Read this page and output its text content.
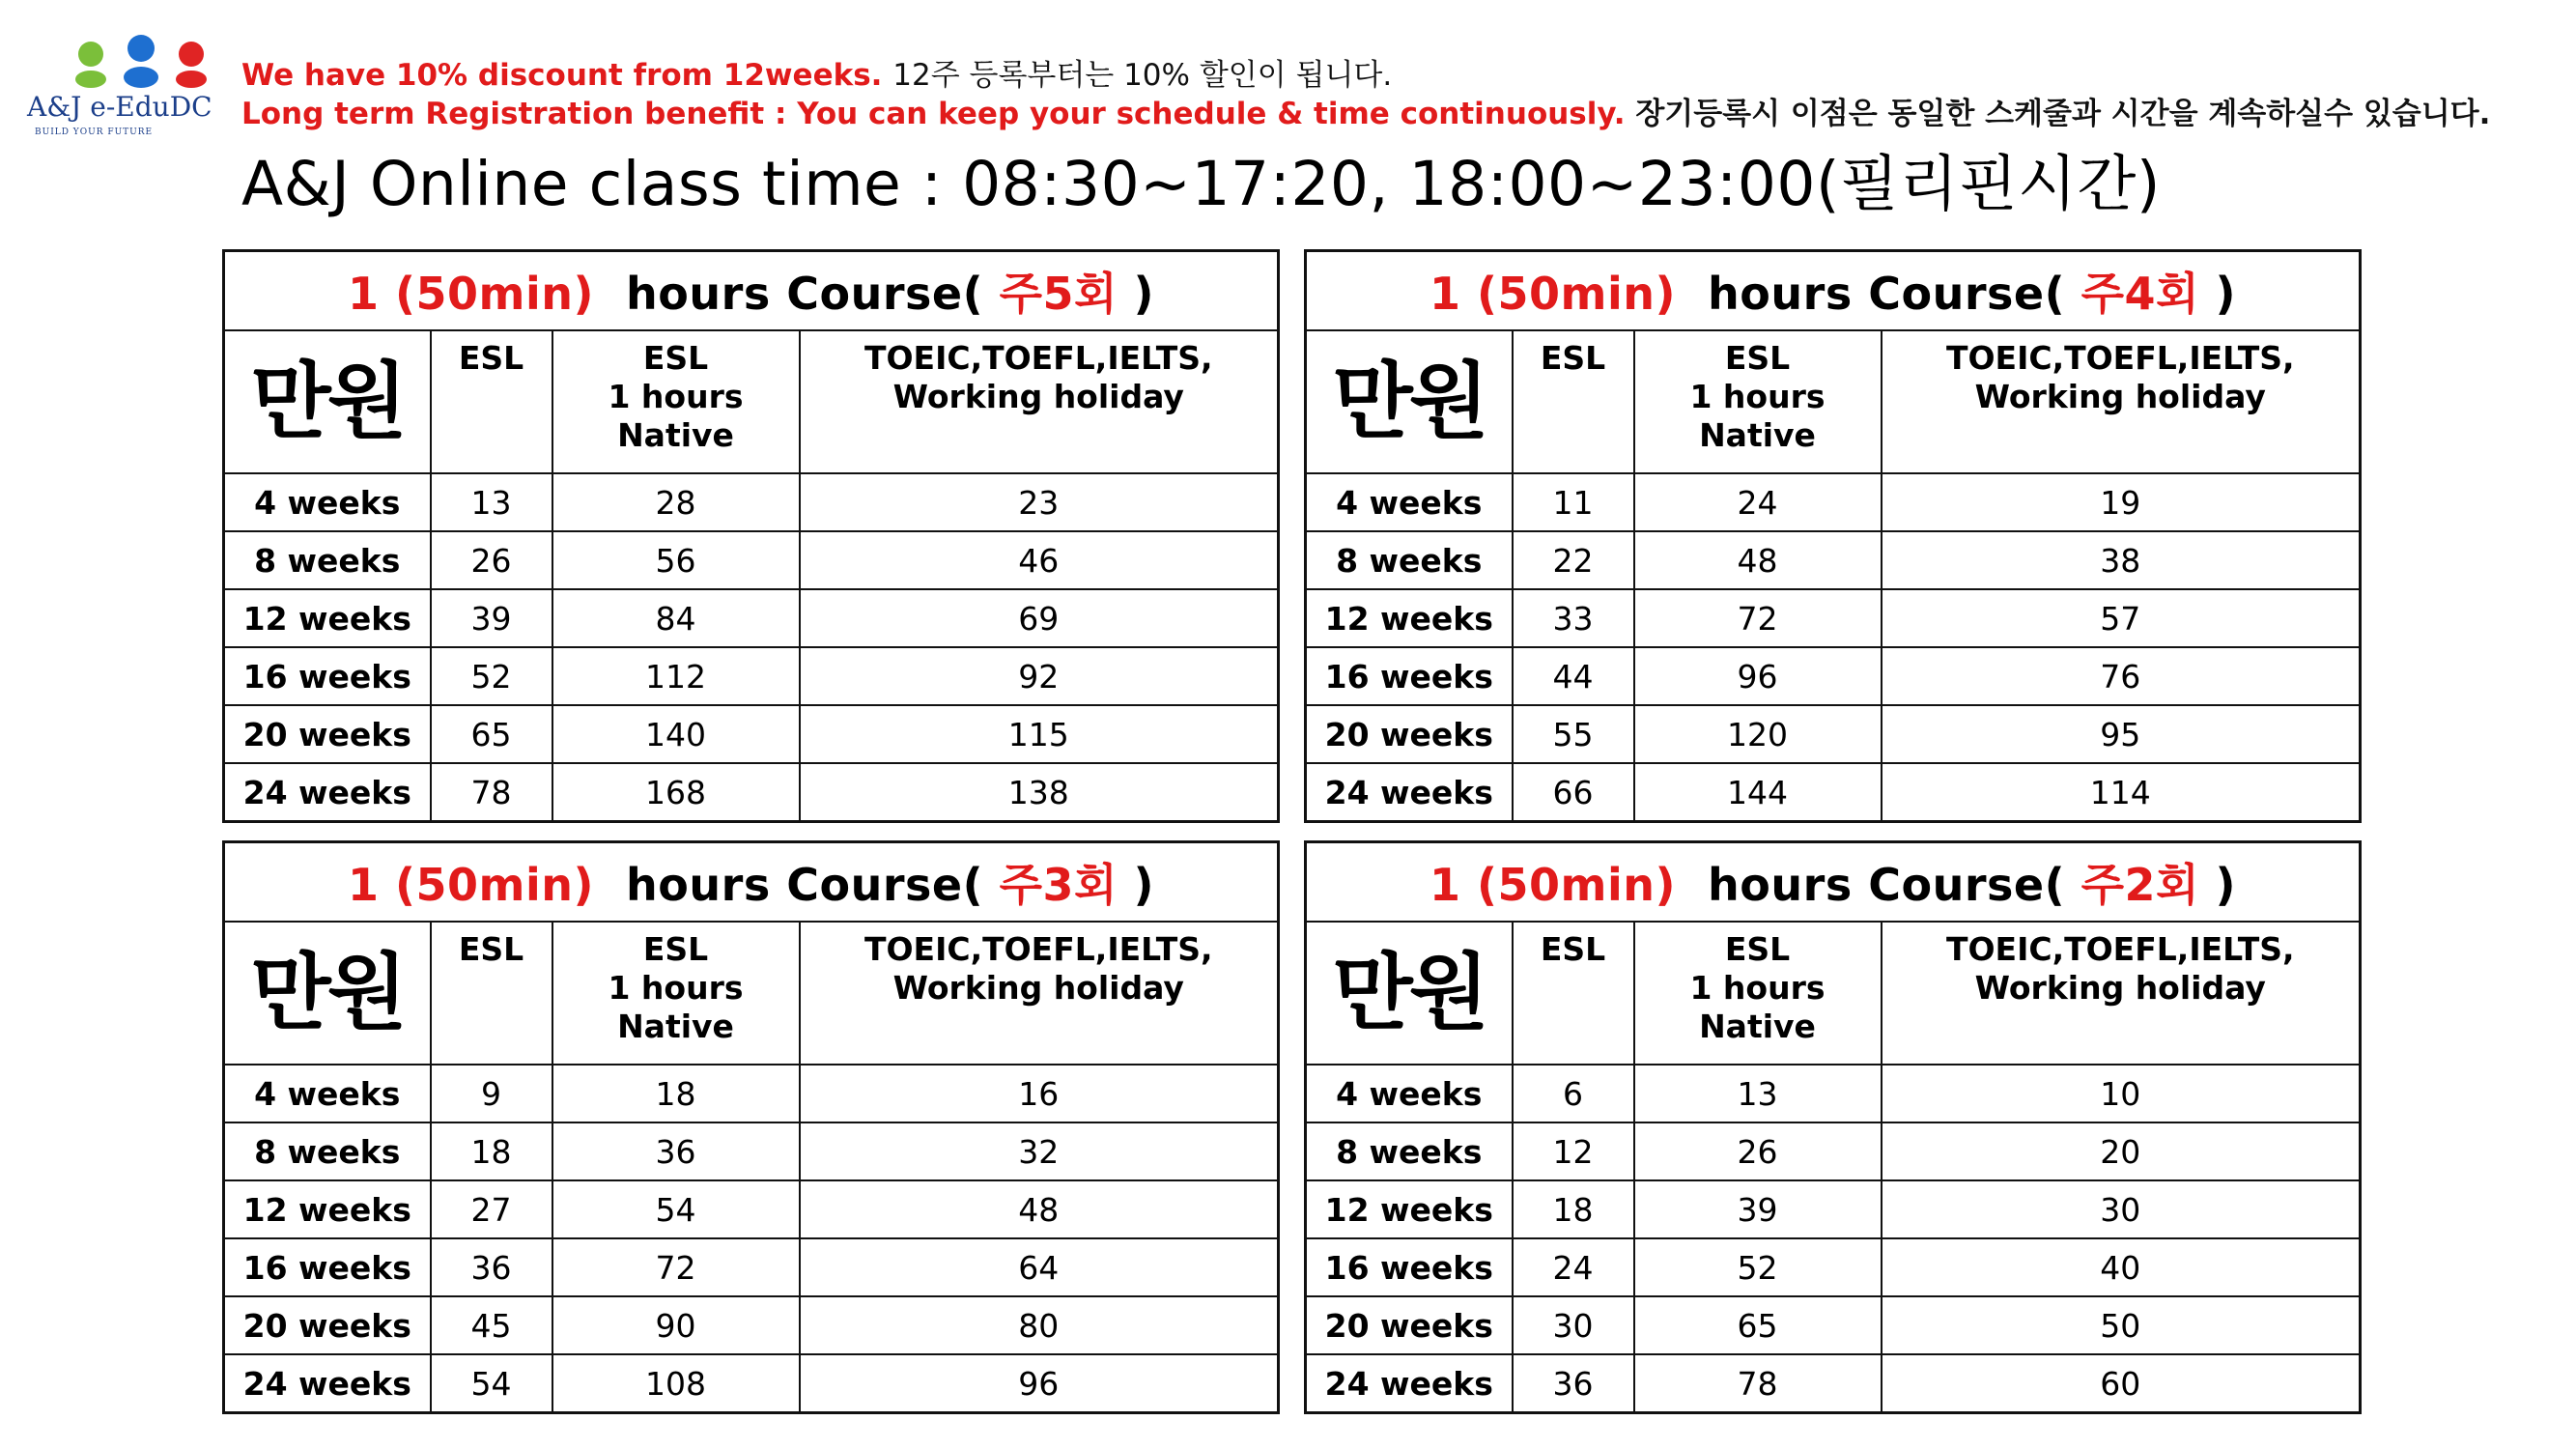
A&J e-EduDC
BUILD YOUR FUTURE
We have 10% discount from 12weeks. 12주 등록부터는 10% 할인이 됩니다.
Long term Registration benefit : You can keep your schedule & time continuously. 장기등록시 이점은 동일한 스케줄과 시간을 계속하실수 있습니다.
A&J Online class time : 08:30~17:20, 18:00~23:00(필리핀시간)
1 (50min) hours Course( 주5회 )			
만원	ESL	ESL
1 hours
Native	TOEIC,TOEFL,IELTS,
Working holiday

4 weeks	13	28	23
8 weeks	26	56	46
12 weeks	39	84	69
16 weeks	52	112	92
20 weeks	65	140	115
24 weeks	78	168	138
1 (50min) hours Course( 주4회 )			
만원	ESL	ESL
1 hours
Native	TOEIC,TOEFL,IELTS,
Working holiday

4 weeks	11	24	19
8 weeks	22	48	38
12 weeks	33	72	57
16 weeks	44	96	76
20 weeks	55	120	95
24 weeks	66	144	114
1 (50min) hours Course( 주3회 )			
만원	ESL	ESL
1 hours
Native	TOEIC,TOEFL,IELTS,
Working holiday

4 weeks	9	18	16
8 weeks	18	36	32
12 weeks	27	54	48
16 weeks	36	72	64
20 weeks	45	90	80
24 weeks	54	108	96
1 (50min) hours Course( 주2회 )			
만원	ESL	ESL
1 hours
Native	TOEIC,TOEFL,IELTS,
Working holiday

4 weeks	6	13	10
8 weeks	12	26	20
12 weeks	18	39	30
16 weeks	24	52	40
20 weeks	30	65	50
24 weeks	36	78	60
